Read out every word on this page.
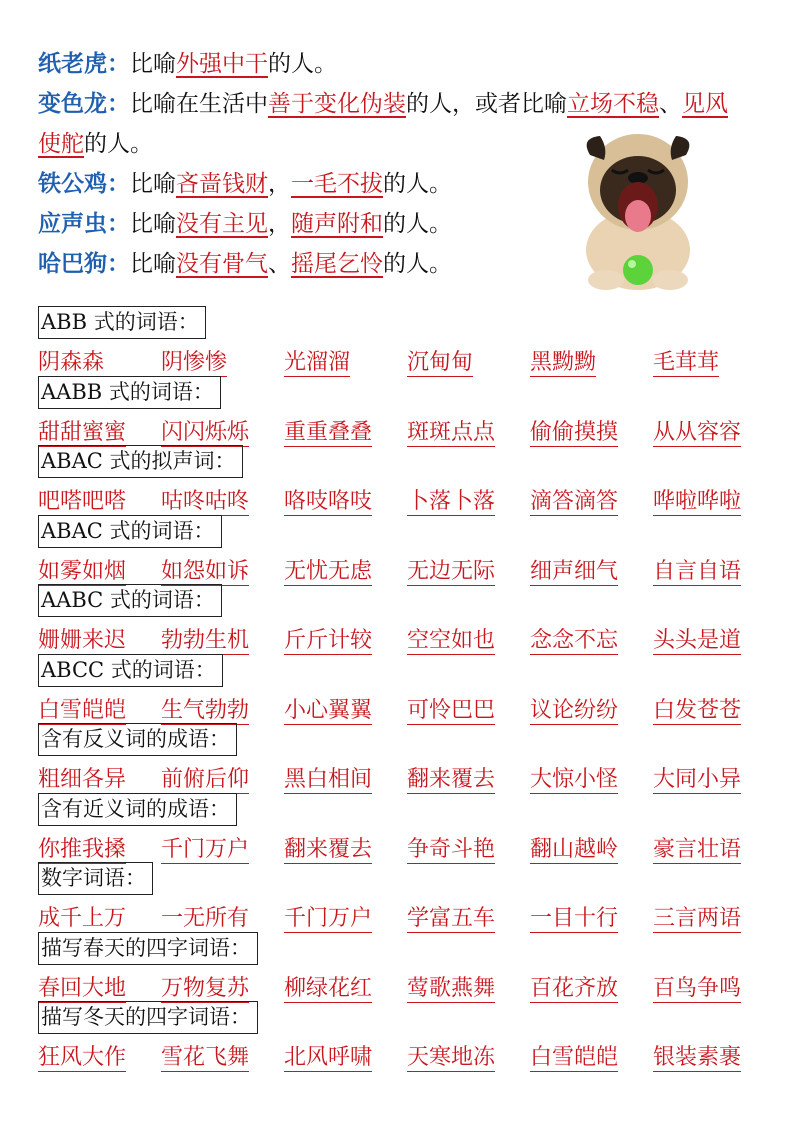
纸老虎：比喻外强中干的人。
变色龙：比喻在生活中善于变化伪装的人，或者比喻立场不稳、见风
使舵的人。
铁公鸡：比喻吝啬钱财，一毛不拔的人。
应声虫：比喻没有主见，随声附和的人。
哈巴狗：比喻没有骨气、摇尾乞怜的人。
ABB 式的词语：
阴森森	阴惨惨	光溜溜	沉甸甸	黑黝黝	毛茸茸
AABB 式的词语：
甜甜蜜蜜	闪闪烁烁	重重叠叠	斑斑点点	偷偷摸摸	从从容容
ABAC 式的拟声词：
吧嗒吧嗒	咕咚咕咚	咯吱咯吱	卜落卜落	滴答滴答	哗啦哗啦
ABAC 式的词语：
如雾如烟	如怨如诉	无忧无虑	无边无际	细声细气	自言自语
AABC 式的词语：
姗姗来迟	勃勃生机	斤斤计较	空空如也	念念不忘	头头是道
ABCC 式的词语：
白雪皑皑	生气勃勃	小心翼翼	可怜巴巴	议论纷纷	白发苍苍
含有反义词的成语：
粗细各异	前俯后仰	黑白相间	翻来覆去	大惊小怪	大同小异
含有近义词的成语：
你推我搡	千门万户	翻来覆去	争奇斗艳	翻山越岭	豪言壮语
数字词语：
成千上万	一无所有	千门万户	学富五车	一目十行	三言两语
描写春天的四字词语：
春回大地	万物复苏	柳绿花红	莺歌燕舞	百花齐放	百鸟争鸣
描写冬天的四字词语：
狂风大作	雪花飞舞	北风呼啸	天寒地冻	白雪皑皑	银装素裹
